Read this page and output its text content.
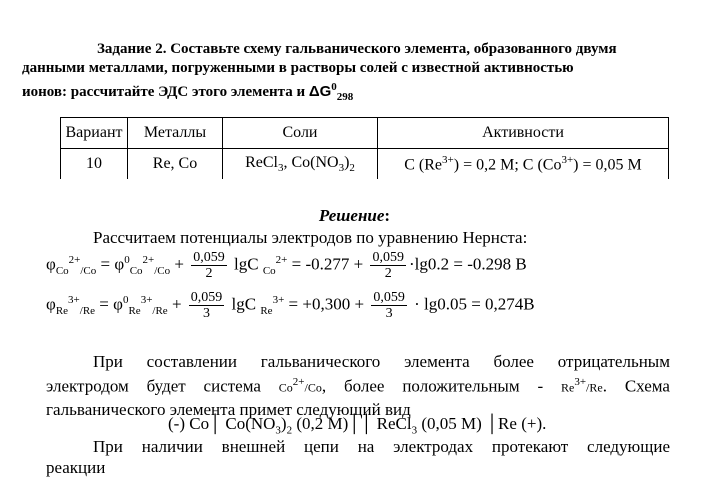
Задание 2. Составьте схему гальванического элемента, образованного двумя
данными металлами, погруженными в растворы солей с известной активностью
ионов: рассчитайте ЭДС этого элемента и $\Delta G^0_{298}$
Вариант	Металлы	Соли	Активности
10	Re, Co	ReCl$_3$, $Co(NO_3)_2$	C $(Re^{3+}) = 0,2$ M; C $(Co^{3+}) = 0,05$ M
Решение:
Рассчитаем потенциалы электродов по уравнению Нернста:
$\varphi_{Co}^{2+}_{/Co} = \varphi^0_{Co}^{2+}_{/Co} + \frac{0,059}{2}$ lgC $_{Co}^{2+} = -0.277 + \frac{0,059}{2} \cdot\lg 0.2 = -0.298$ В
$\varphi_{Re}^{3+}_{/Re} = \varphi^0_{Re}^{3+}_{/Re} + \frac{0,059}{3}$ lgC $_{Re}^{3+} = +0,300 + \frac{0,059}{3} \cdot \lg 0.05 = 0,274В$
При составлении гальванического элемента более отрицательным
электродом будет система $Co^{2+}/Co$, более положительным - $Re^{3+}/Re$. Схема
гальванического элемента примет следующий вид
(-) Co│ $Co(NO_3)_2$ (0,2 M)││ ReCl$_3$ (0,05 M) │Re (+).
При наличии внешней цепи на электродах протекают следующие
реакции
